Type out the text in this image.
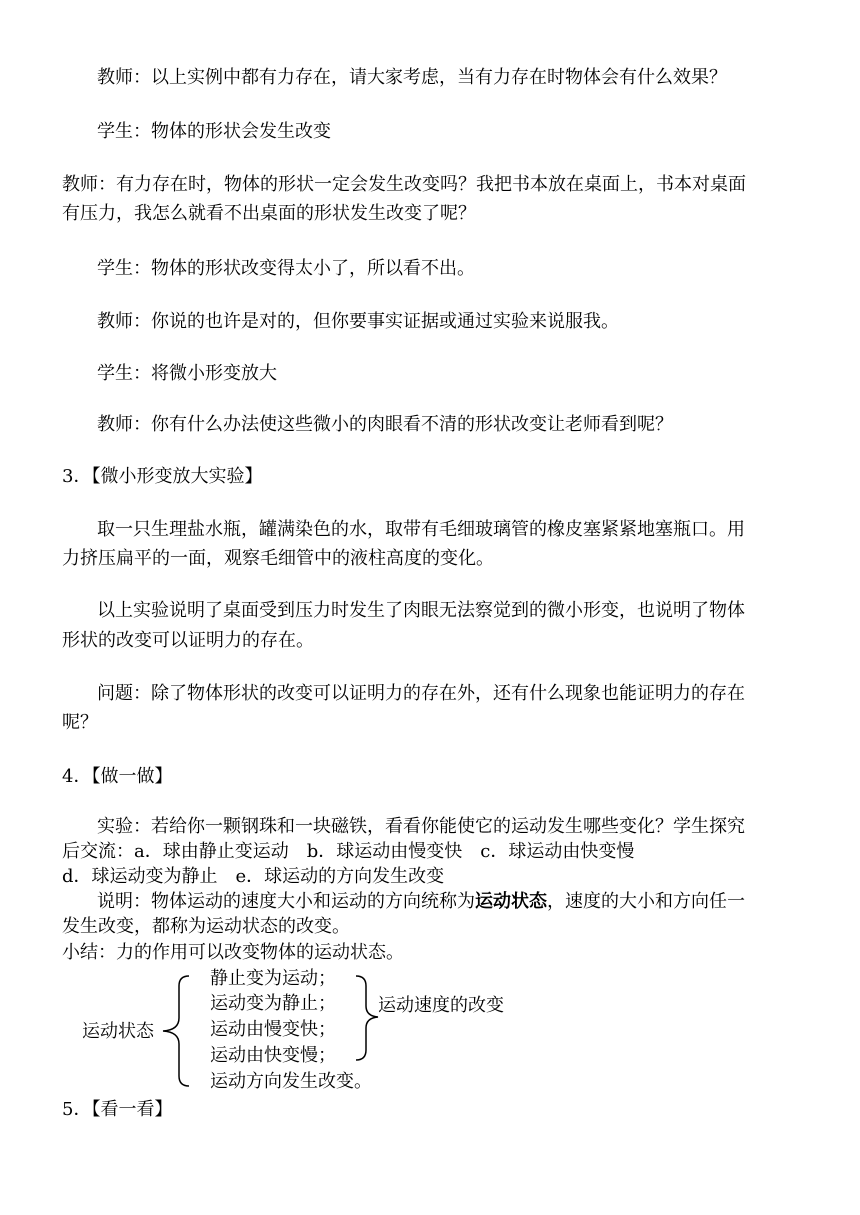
教师：以上实例中都有力存在，请大家考虑，当有力存在时物体会有什么效果？
学生：物体的形状会发生改变
教师：有力存在时，物体的形状一定会发生改变吗？我把书本放在桌面上，书本对桌面
有压力，我怎么就看不出桌面的形状发生改变了呢？
学生：物体的形状改变得太小了，所以看不出。
教师：你说的也许是对的，但你要事实证据或通过实验来说服我。
学生：将微小形变放大
教师：你有什么办法使这些微小的肉眼看不清的形状改变让老师看到呢？
3．【微小形变放大实验】
取一只生理盐水瓶，罐满染色的水，取带有毛细玻璃管的橡皮塞紧紧地塞瓶口。用
力挤压扁平的一面，观察毛细管中的液柱高度的变化。
以上实验说明了桌面受到压力时发生了肉眼无法察觉到的微小形变，也说明了物体
形状的改变可以证明力的存在。
问题：除了物体形状的改变可以证明力的存在外，还有什么现象也能证明力的存在
呢？
4．【做一做】
实验：若给你一颗钢珠和一块磁铁，看看你能使它的运动发生哪些变化？学生探究
后交流：a．球由静止变运动　b．球运动由慢变快　c．球运动由快变慢
d．球运动变为静止　e．球运动的方向发生改变
说明：物体运动的速度大小和运动的方向统称为运动状态，速度的大小和方向任一
发生改变，都称为运动状态的改变。
小结：力的作用可以改变物体的运动状态。
运动状态
静止变为运动；
运动变为静止；
运动由慢变快；
运动由快变慢；
运动方向发生改变。
运动速度的改变
5．【看一看】
